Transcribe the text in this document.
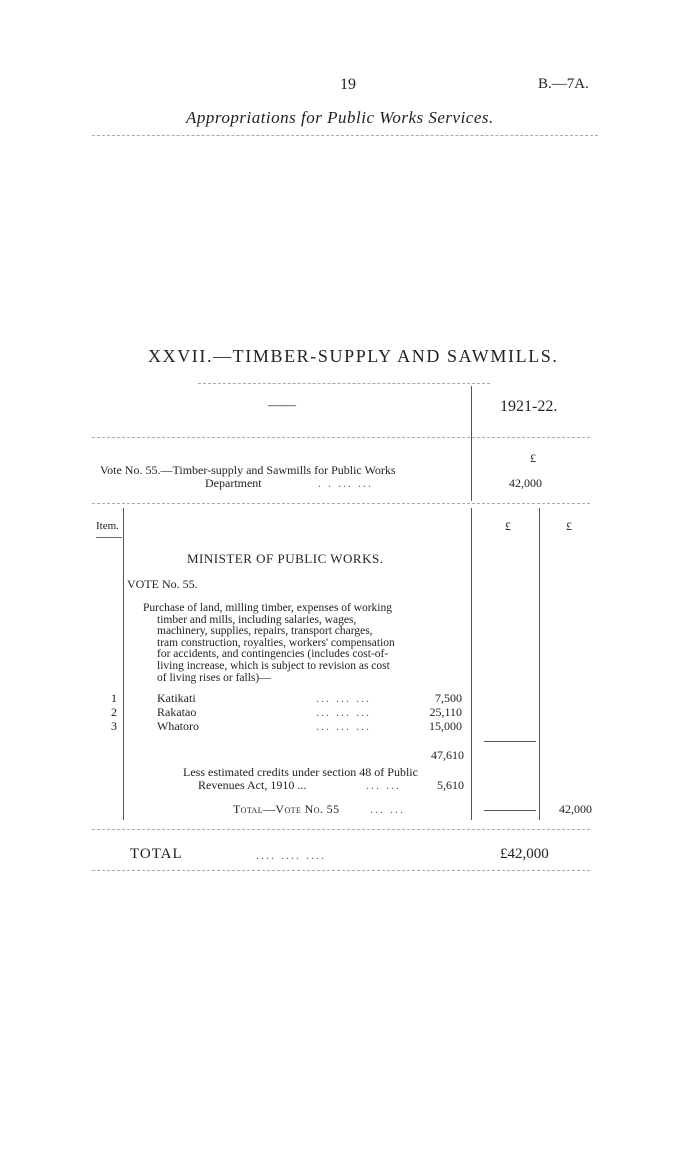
19	B.—7A.
Appropriations for Public Works Services.
XXVII.—TIMBER-SUPPLY AND SAWMILLS.
——	1921-22.
£
Vote No. 55.—Timber-supply and Sawmills for Public Works
Department	. . ... ...	42,000
Item.	£	£
MINISTER OF PUBLIC WORKS.
VOTE No. 55.
Purchase of land, milling timber, expenses of working
timber and mills, including salaries, wages,
machinery, supplies, repairs, transport charges,
tram construction, royalties, workers' compensation
for accidents, and contingencies (includes cost-of-
living increase, which is subject to revision as cost
of living rises or falls)—
1	Katikati	... ... ...	7,500
2	Rakatao	... ... ...	25,110
3	Whatoro	... ... ...	15,000
47,610
Less estimated credits under section 48 of Public
Revenues Act, 1910 ...	... ...	5,610
Total—Vote No. 55	... ...	42,000
TOTAL	.... .... ....	£42,000
